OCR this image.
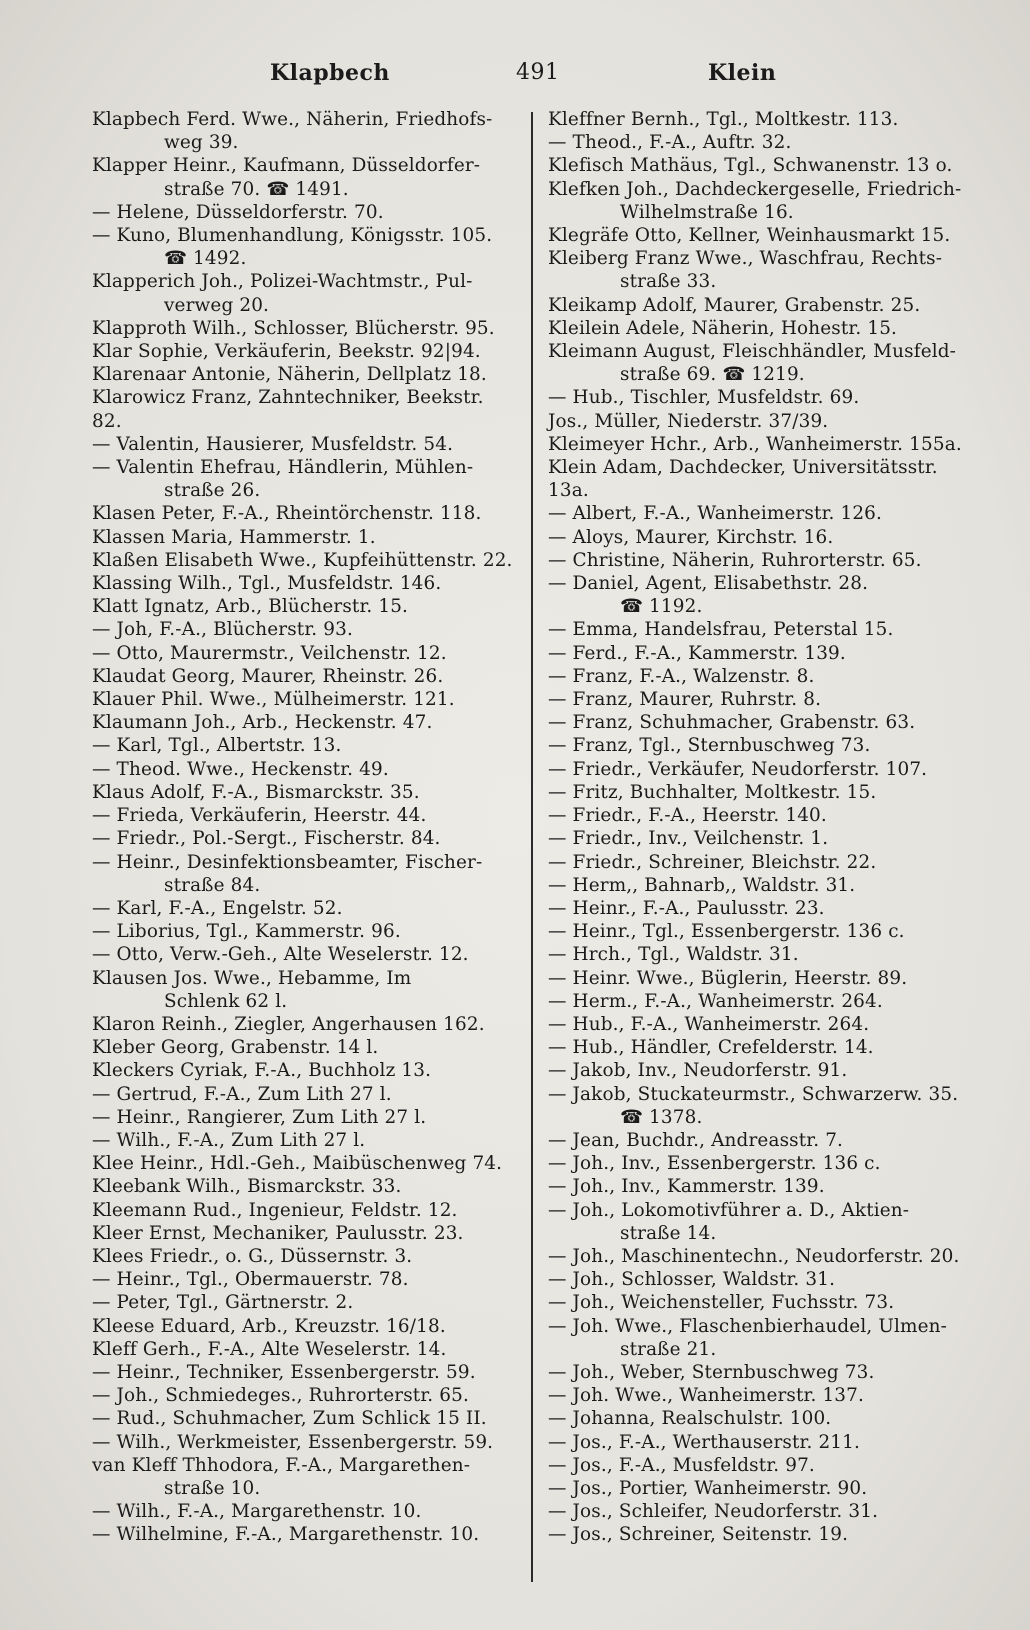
Klapbech	491	Klein
Klapbech Ferd. Wwe., Näherin, Friedhofs-
weg 39.
Klapper Heinr., Kaufmann, Düsseldorfer-
straße 70. ☎ 1491.
— Helene, Düsseldorferstr. 70.
— Kuno, Blumenhandlung, Königsstr. 105.
☎ 1492.
Klapperich Joh., Polizei-Wachtmstr., Pul-
verweg 20.
Klapproth Wilh., Schlosser, Blücherstr. 95.
Klar Sophie, Verkäuferin, Beekstr. 92|94.
Klarenaar Antonie, Näherin, Dellplatz 18.
Klarowicz Franz, Zahntechniker, Beekstr. 82.
— Valentin, Hausierer, Musfeldstr. 54.
— Valentin Ehefrau, Händlerin, Mühlen-
straße 26.
Klasen Peter, F.-A., Rheintörchenstr. 118.
Klassen Maria, Hammerstr. 1.
Klaßen Elisabeth Wwe., Kupfeihüttenstr. 22.
Klassing Wilh., Tgl., Musfeldstr. 146.
Klatt Ignatz, Arb., Blücherstr. 15.
— Joh, F.-A., Blücherstr. 93.
— Otto, Maurermstr., Veilchenstr. 12.
Klaudat Georg, Maurer, Rheinstr. 26.
Klauer Phil. Wwe., Mülheimerstr. 121.
Klaumann Joh., Arb., Heckenstr. 47.
— Karl, Tgl., Albertstr. 13.
— Theod. Wwe., Heckenstr. 49.
Klaus Adolf, F.-A., Bismarckstr. 35.
— Frieda, Verkäuferin, Heerstr. 44.
— Friedr., Pol.-Sergt., Fischerstr. 84.
— Heinr., Desinfektionsbeamter, Fischer-
straße 84.
— Karl, F.-A., Engelstr. 52.
— Liborius, Tgl., Kammerstr. 96.
— Otto, Verw.-Geh., Alte Weselerstr. 12.
Klausen Jos. Wwe., Hebamme, Im
Schlenk 62 l.
Klaron Reinh., Ziegler, Angerhausen 162.
Kleber Georg, Grabenstr. 14 l.
Kleckers Cyriak, F.-A., Buchholz 13.
— Gertrud, F.-A., Zum Lith 27 l.
— Heinr., Rangierer, Zum Lith 27 l.
— Wilh., F.-A., Zum Lith 27 l.
Klee Heinr., Hdl.-Geh., Maibüschenweg 74.
Kleebank Wilh., Bismarckstr. 33.
Kleemann Rud., Ingenieur, Feldstr. 12.
Kleer Ernst, Mechaniker, Paulusstr. 23.
Klees Friedr., o. G., Düssernstr. 3.
— Heinr., Tgl., Obermauerstr. 78.
— Peter, Tgl., Gärtnerstr. 2.
Kleese Eduard, Arb., Kreuzstr. 16/18.
Kleff Gerh., F.-A., Alte Weselerstr. 14.
— Heinr., Techniker, Essenbergerstr. 59.
— Joh., Schmiedeges., Ruhrorterstr. 65.
— Rud., Schuhmacher, Zum Schlick 15 II.
— Wilh., Werkmeister, Essenbergerstr. 59.
van Kleff Thhodora, F.-A., Margarethen-
straße 10.
— Wilh., F.-A., Margarethenstr. 10.
— Wilhelmine, F.-A., Margarethenstr. 10.
Kleffner Bernh., Tgl., Moltkestr. 113.
— Theod., F.-A., Auftr. 32.
Klefisch Mathäus, Tgl., Schwanenstr. 13 o.
Klefken Joh., Dachdeckergeselle, Friedrich-
Wilhelmstraße 16.
Klegräfe Otto, Kellner, Weinhausmarkt 15.
Kleiberg Franz Wwe., Waschfrau, Rechts-
straße 33.
Kleikamp Adolf, Maurer, Grabenstr. 25.
Kleilein Adele, Näherin, Hohestr. 15.
Kleimann August, Fleischhändler, Musfeld-
straße 69. ☎ 1219.
— Hub., Tischler, Musfeldstr. 69.
Jos., Müller, Niederstr. 37/39.
Kleimeyer Hchr., Arb., Wanheimerstr. 155a.
Klein Adam, Dachdecker, Universitätsstr. 13a.
— Albert, F.-A., Wanheimerstr. 126.
— Aloys, Maurer, Kirchstr. 16.
— Christine, Näherin, Ruhrorterstr. 65.
— Daniel, Agent, Elisabethstr. 28.
☎ 1192.
— Emma, Handelsfrau, Peterstal 15.
— Ferd., F.-A., Kammerstr. 139.
— Franz, F.-A., Walzenstr. 8.
— Franz, Maurer, Ruhrstr. 8.
— Franz, Schuhmacher, Grabenstr. 63.
— Franz, Tgl., Sternbuschweg 73.
— Friedr., Verkäufer, Neudorferstr. 107.
— Fritz, Buchhalter, Moltkestr. 15.
— Friedr., F.-A., Heerstr. 140.
— Friedr., Inv., Veilchenstr. 1.
— Friedr., Schreiner, Bleichstr. 22.
— Herm,, Bahnarb,, Waldstr. 31.
— Heinr., F.-A., Paulusstr. 23.
— Heinr., Tgl., Essenbergerstr. 136 c.
— Hrch., Tgl., Waldstr. 31.
— Heinr. Wwe., Büglerin, Heerstr. 89.
— Herm., F.-A., Wanheimerstr. 264.
— Hub., F.-A., Wanheimerstr. 264.
— Hub., Händler, Crefelderstr. 14.
— Jakob, Inv., Neudorferstr. 91.
— Jakob, Stuckateurmstr., Schwarzerw. 35.
☎ 1378.
— Jean, Buchdr., Andreasstr. 7.
— Joh., Inv., Essenbergerstr. 136 c.
— Joh., Inv., Kammerstr. 139.
— Joh., Lokomotivführer a. D., Aktien-
straße 14.
— Joh., Maschinentechn., Neudorferstr. 20.
— Joh., Schlosser, Waldstr. 31.
— Joh., Weichensteller, Fuchsstr. 73.
— Joh. Wwe., Flaschenbierhaudel, Ulmen-
straße 21.
— Joh., Weber, Sternbuschweg 73.
— Joh. Wwe., Wanheimerstr. 137.
— Johanna, Realschulstr. 100.
— Jos., F.-A., Werthauserstr. 211.
— Jos., F.-A., Musfeldstr. 97.
— Jos., Portier, Wanheimerstr. 90.
— Jos., Schleifer, Neudorferstr. 31.
— Jos., Schreiner, Seitenstr. 19.
